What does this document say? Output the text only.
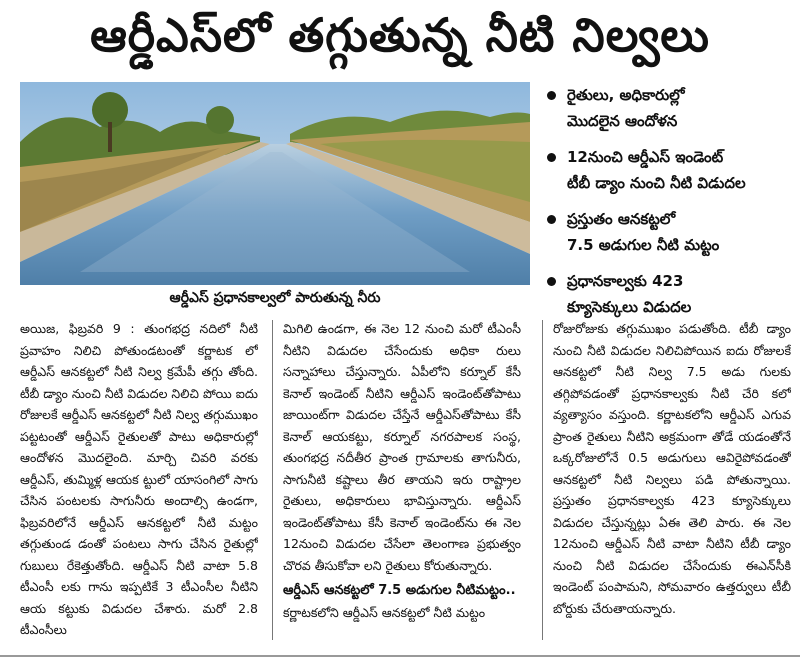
ఆర్డీఎస్‌లో తగ్గుతున్న నీటి నిల్వలు
ఆర్డీఎస్ ప్రధానకాల్వలో పారుతున్న నీరు
రైతులు, అధికారుల్లో
మొదలైన ఆందోళన
12నుంచి ఆర్డీఎస్ ఇండెంట్
టీబీ డ్యాం నుంచి నీటి విడుదల
ప్రస్తుతం ఆనకట్టలో
7.5 అడుగుల నీటి మట్టం
ప్రధానకాల్వకు 423
క్యూసెక్కులు విడుదల

అయిజ, ఫిబ్రవరి 9 : తుంగభద్ర నదిలో నీటి ప్రవాహం నిలిచి పోతుండటంతో కర్ణాటక లో ఆర్డీఎస్ ఆనకట్టలో నీటి నిల్వ క్రమేపీ తగ్గు తోంది. టీబీ డ్యాం నుంచి నీటి విడుదల నిలిచి పోయి ఐదు రోజులకే ఆర్డీఎస్ ఆనకట్టలో నీటి నిల్వ తగ్గుముఖం పట్టటంతో ఆర్డీఎస్ రైతులతో పాటు అధికారుల్లో ఆందోళన మొదలైంది. మార్చి చివరి వరకు ఆర్డీఎస్, తుమ్మిళ్ల ఆయక ట్టులో యాసంగిలో సాగు చేసిన పంటలకు సాగునీరు అందాల్సి ఉండగా, ఫిబ్రవరిలోనే ఆర్డీఎస్ ఆనకట్టలో నీటి మట్టం తగ్గుతుండ డంతో పంటలు సాగు చేసిన రైతుల్లో గుబులు రేకెత్తుతోంది. ఆర్డీఎస్ నీటి వాటా 5.8 టీఎంసీ లకు గాను ఇప్పటికే 3 టీఎంసీల నీటిని ఆయ కట్టుకు విడుదల చేశారు. మరో 2.8 టీఎంసీలు

మిగిలి ఉండగా, ఈ నెల 12 నుంచి మరో టీఎంసీ నీటిని విడుదల చేసేందుకు అధికా రులు సన్నాహాలు చేస్తున్నారు. ఏపీలోని కర్నూల్ కేసీ కెనాల్ ఇండెంట్ నీటిని ఆర్డీఎస్ ఇండెంట్‌తోపాటు జాయింట్‌గా విడుదల చేస్తేనే ఆర్డీఎస్‌తోపాటు కేసీ కెనాల్ ఆయకట్టు, కర్నూల్ నగరపాలక సంస్థ, తుంగభద్ర నదీతీర ప్రాంత గ్రామాలకు తాగునీరు, సాగునీటి కష్టాలు తీర తాయని ఇరు రాష్ట్రాల రైతులు, అధికారులు భావిస్తున్నారు. ఆర్డీఎస్ ఇండెంట్‌తోపాటు కేసీ కెనాల్ ఇండెంట్‌ను ఈ నెల 12నుంచి విడుదల చేసేలా తెలంగాణ ప్రభుత్వం చొరవ తీసుకోవా లని రైతులు కోరుతున్నారు.

ఆర్డీఎస్ ఆనకట్టలో 7.5 అడుగుల నీటిమట్టం..

కర్ణాటకలోని ఆర్డీఎస్ ఆనకట్టలో నీటి మట్టం

రోజురోజుకు తగ్గుముఖం పడుతోంది. టీబీ డ్యాం నుంచి నీటి విడుదల నిలిచిపోయిన ఐదు రోజులకే ఆనకట్టలో నీటి నిల్వ 7.5 అడు గులకు తగ్గిపోవడంతో ప్రధానకాల్వకు నీటి చేరి కలో వ్యత్యాసం వస్తుంది. కర్ణాటకలోని ఆర్డీఎస్ ఎగువ ప్రాంత రైతులు నీటిని అక్రమంగా తోడే యడంతోనే ఒక్కరోజులోనే 0.5 అడుగులు ఆవిరైపోవడంతో ఆనకట్టలో నీటి నిల్వలు పడి పోతున్నాయి. ప్రస్తుతం ప్రధానకాల్వకు 423 క్యూసెక్కులు విడుదల చేస్తున్నట్లు ఏఈ తెలి పారు. ఈ నెల 12నుంచి ఆర్డీఎస్ నీటి వాటా నీటిని టీబీ డ్యాం నుంచి నీటి విడుదల చేసేందుకు ఈఎన్‌సీకి ఇండెంట్ పంపామని, సోమవారం ఉత్తర్వులు టీబీ బోర్డుకు చేరుతాయన్నారు.
